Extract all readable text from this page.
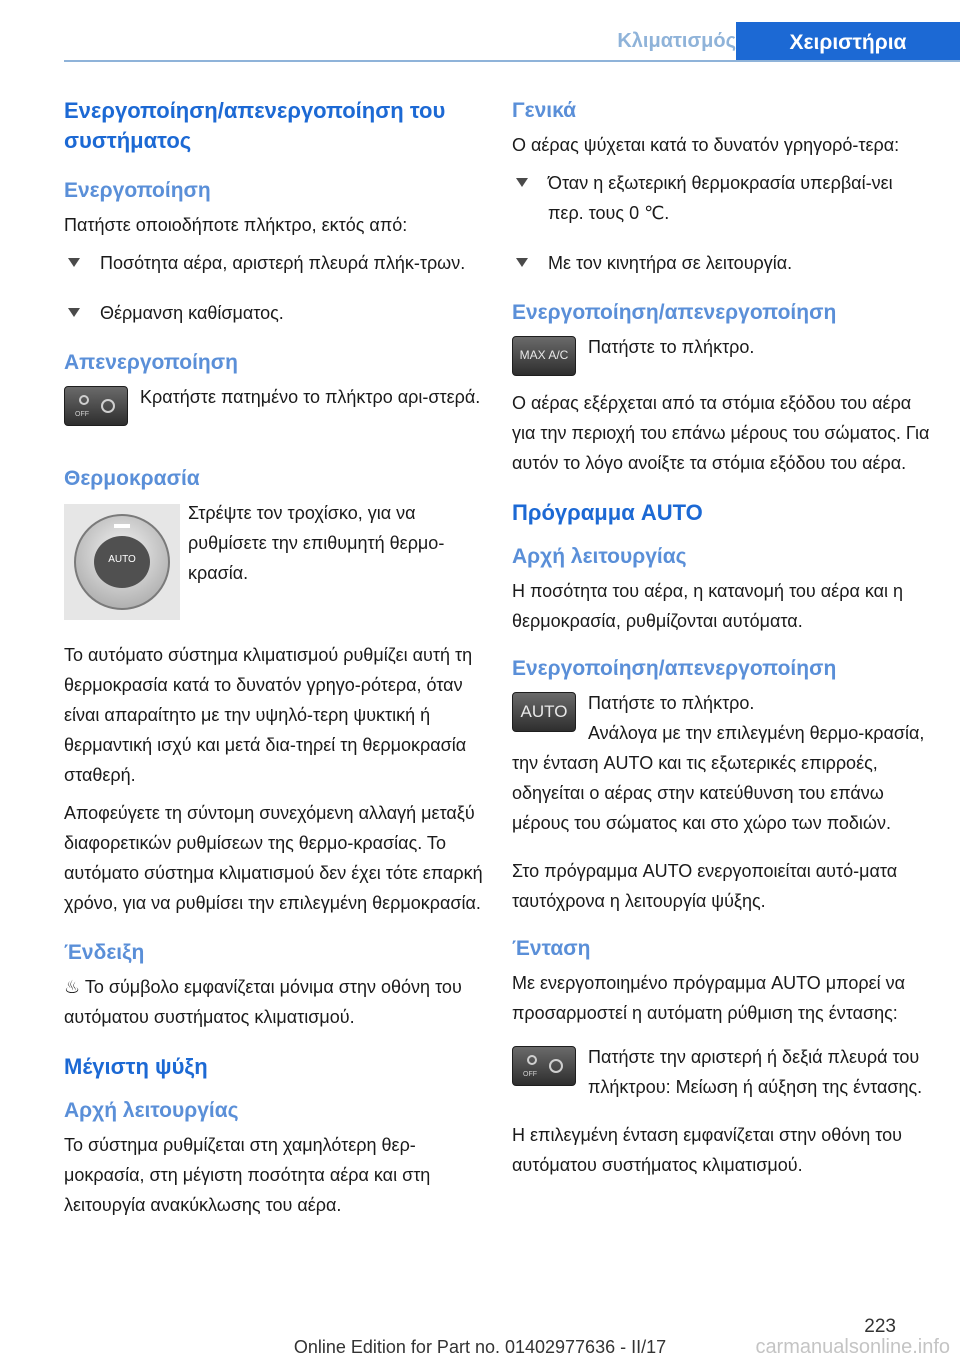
Κλιματισμός	Χειριστήρια
Ενεργοποίηση/απενεργοποίηση του συστήματος
Ενεργοποίηση
Πατήστε οποιοδήποτε πλήκτρο, εκτός από:
Ποσότητα αέρα, αριστερή πλευρά πλήκ-τρων.
Θέρμανση καθίσματος.
Απενεργοποίηση
OFF
Κρατήστε πατημένο το πλήκτρο αρι-στερά.
Θερμοκρασία
AUTO
Στρέψτε τον τροχίσκο, για να ρυθμίσετε την επιθυμητή θερμο-κρασία.
Το αυτόματο σύστημα κλιματισμού ρυθμίζει αυτή τη θερμοκρασία κατά το δυνατόν γρηγο-ρότερα, όταν είναι απαραίτητο με την υψηλό-τερη ψυκτική ή θερμαντική ισχύ και μετά δια-τηρεί τη θερμοκρασία σταθερή.
Αποφεύγετε τη σύντομη συνεχόμενη αλλαγή μεταξύ διαφορετικών ρυθμίσεων της θερμο-κρασίας. Το αυτόματο σύστημα κλιματισμού δεν έχει τότε επαρκή χρόνο, για να ρυθμίσει την επιλεγμένη θερμοκρασία.
Ένδειξη
♨ Το σύμβολο εμφανίζεται μόνιμα στην οθόνη του αυτόματου συστήματος κλιματισμού.
Μέγιστη ψύξη
Αρχή λειτουργίας
Το σύστημα ρυθμίζεται στη χαμηλότερη θερ-μοκρασία, στη μέγιστη ποσότητα αέρα και στη λειτουργία ανακύκλωσης του αέρα.
Γενικά
Ο αέρας ψύχεται κατά το δυνατόν γρηγορό-τερα:
Όταν η εξωτερική θερμοκρασία υπερβαί-νει περ. τους 0 ℃.
Με τον κινητήρα σε λειτουργία.
Ενεργοποίηση/απενεργοποίηση
MAX A/C	Πατήστε το πλήκτρο.
Ο αέρας εξέρχεται από τα στόμια εξόδου του αέρα για την περιοχή του επάνω μέρους του σώματος. Για αυτόν το λόγο ανοίξτε τα στόμια εξόδου του αέρα.
Πρόγραμμα AUTO
Αρχή λειτουργίας
Η ποσότητα του αέρα, η κατανομή του αέρα και η θερμοκρασία, ρυθμίζονται αυτόματα.
Ενεργοποίηση/απενεργοποίηση
AUTO	Πατήστε το πλήκτρο.
Ανάλογα με την επιλεγμένη θερμο-κρασία, την ένταση AUTO και τις εξωτερικές επιρροές, οδηγείται ο αέρας στην κατεύθυνση του επάνω μέρους του σώματος και στο χώρο των ποδιών.
Στο πρόγραμμα AUTO ενεργοποιείται αυτό-ματα ταυτόχρονα η λειτουργία ψύξης.
Ένταση
Με ενεργοποιημένο πρόγραμμα AUTO μπορεί να προσαρμοστεί η αυτόματη ρύθμιση της έντασης:
OFF
Πατήστε την αριστερή ή δεξιά πλευρά του πλήκτρου: Μείωση ή αύξηση της έντασης.
Η επιλεγμένη ένταση εμφανίζεται στην οθόνη του αυτόματου συστήματος κλιματισμού.
223
Online Edition for Part no. 01402977636 - II/17	carmanualsonline.info
